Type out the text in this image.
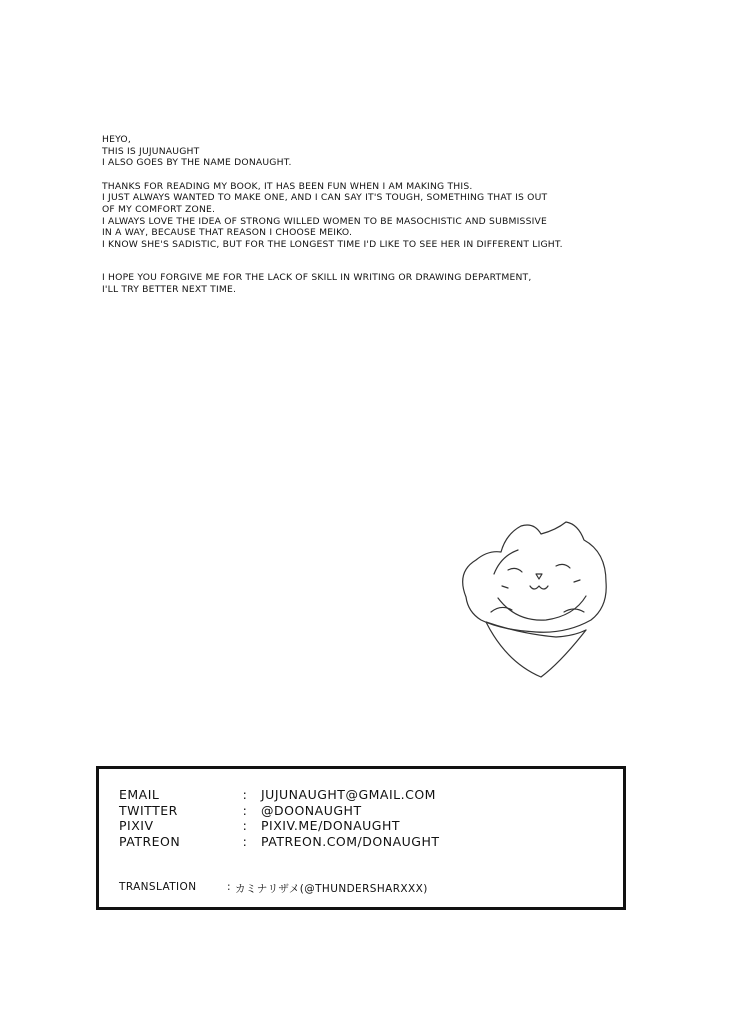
HEYO,
THIS IS JUJUNAUGHT
I ALSO GOES BY THE NAME DONAUGHT.
THANKS FOR READING MY BOOK, IT HAS BEEN FUN WHEN I AM MAKING THIS.
I JUST ALWAYS WANTED TO MAKE ONE, AND I CAN SAY IT'S TOUGH, SOMETHING THAT IS OUT
OF MY COMFORT ZONE.
I ALWAYS LOVE THE IDEA OF STRONG WILLED WOMEN TO BE MASOCHISTIC AND SUBMISSIVE
IN A WAY, BECAUSE THAT REASON I CHOOSE MEIKO.
I KNOW SHE'S SADISTIC, BUT FOR THE LONGEST TIME I'D LIKE TO SEE HER IN DIFFERENT LIGHT.
I HOPE YOU FORGIVE ME FOR THE LACK OF SKILL IN WRITING OR DRAWING DEPARTMENT,
I'LL TRY BETTER NEXT TIME.
EMAIL	:	JUJUNAUGHT@GMAIL.COM
TWITTER	:	@DOONAUGHT
PIXIV	:	PIXIV.ME/DONAUGHT
PATREON	:	PATREON.COM/DONAUGHT
TRANSLATION	: カミナリザメ(@THUNDERSHARXXX)
